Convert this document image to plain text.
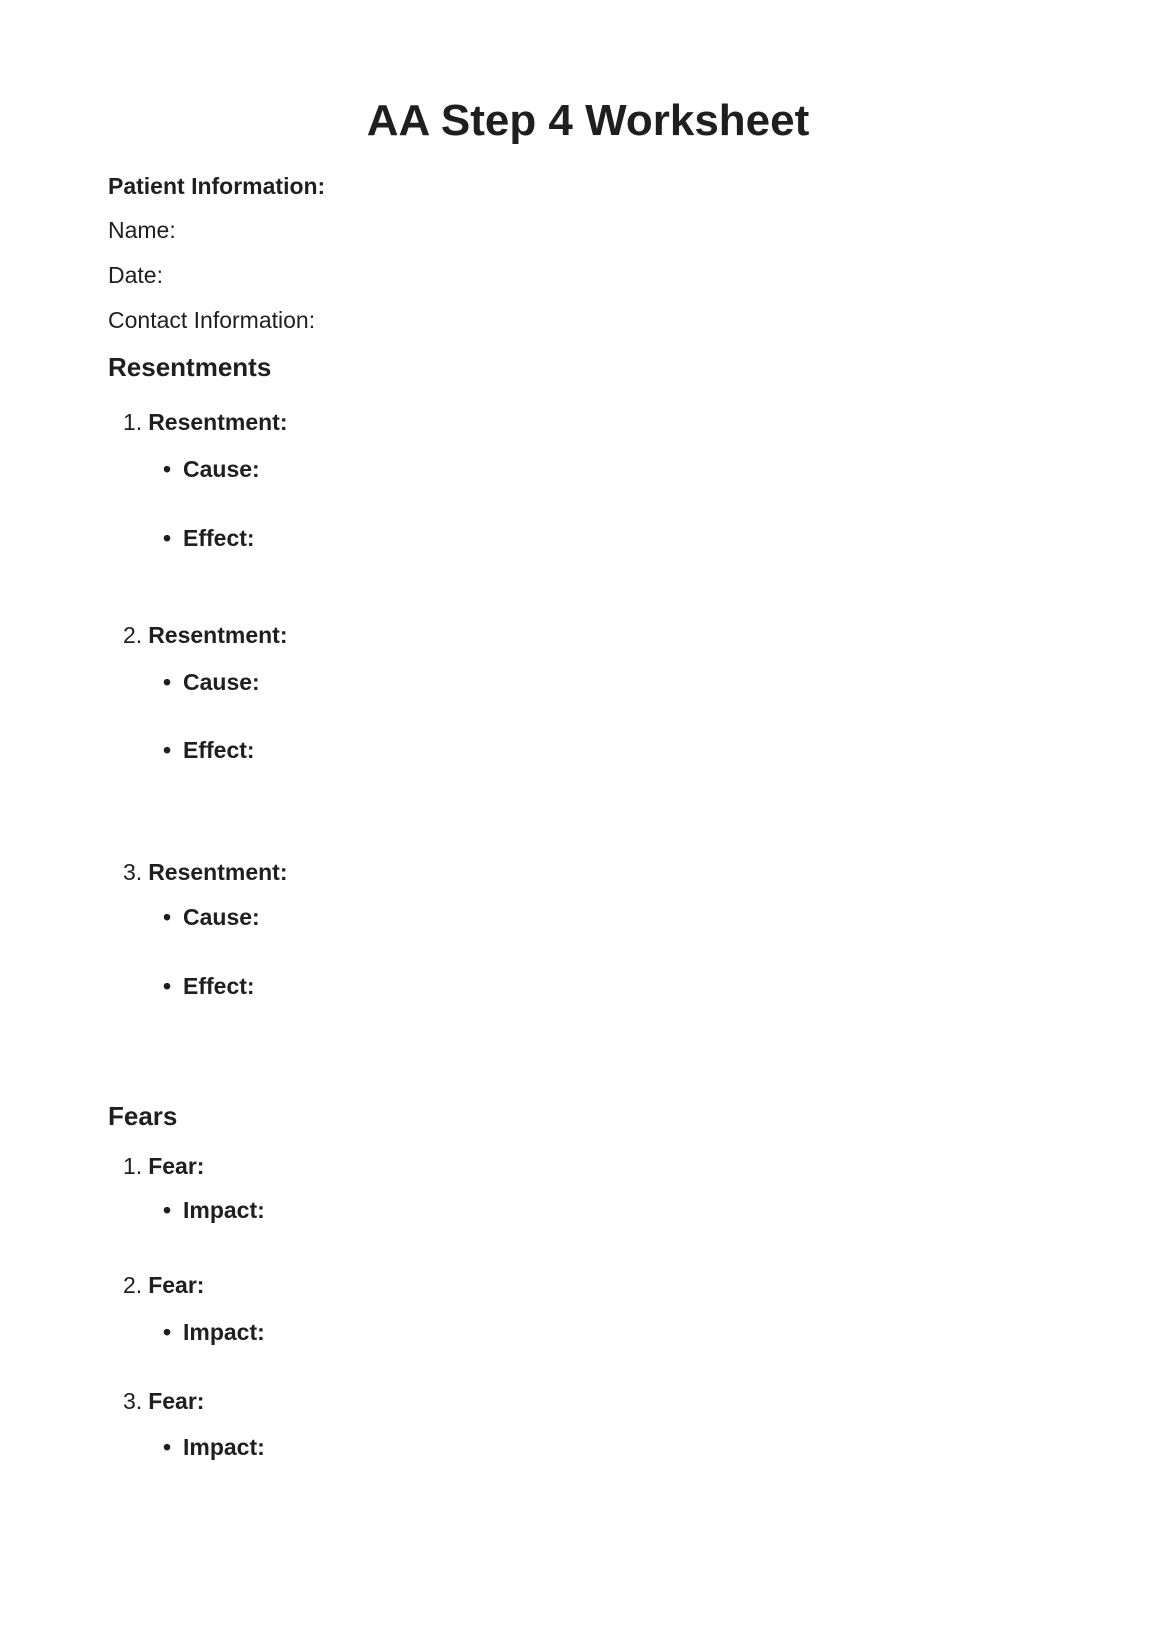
AA Step 4 Worksheet

Patient Information:

Name:

Date:

Contact Information:

Resentments
1. Resentment:
• Cause:
• Effect:
2. Resentment:
• Cause:
• Effect:
3. Resentment:
• Cause:
• Effect:
Fears
1. Fear:
• Impact:
2. Fear:
• Impact:
3. Fear:
• Impact:
